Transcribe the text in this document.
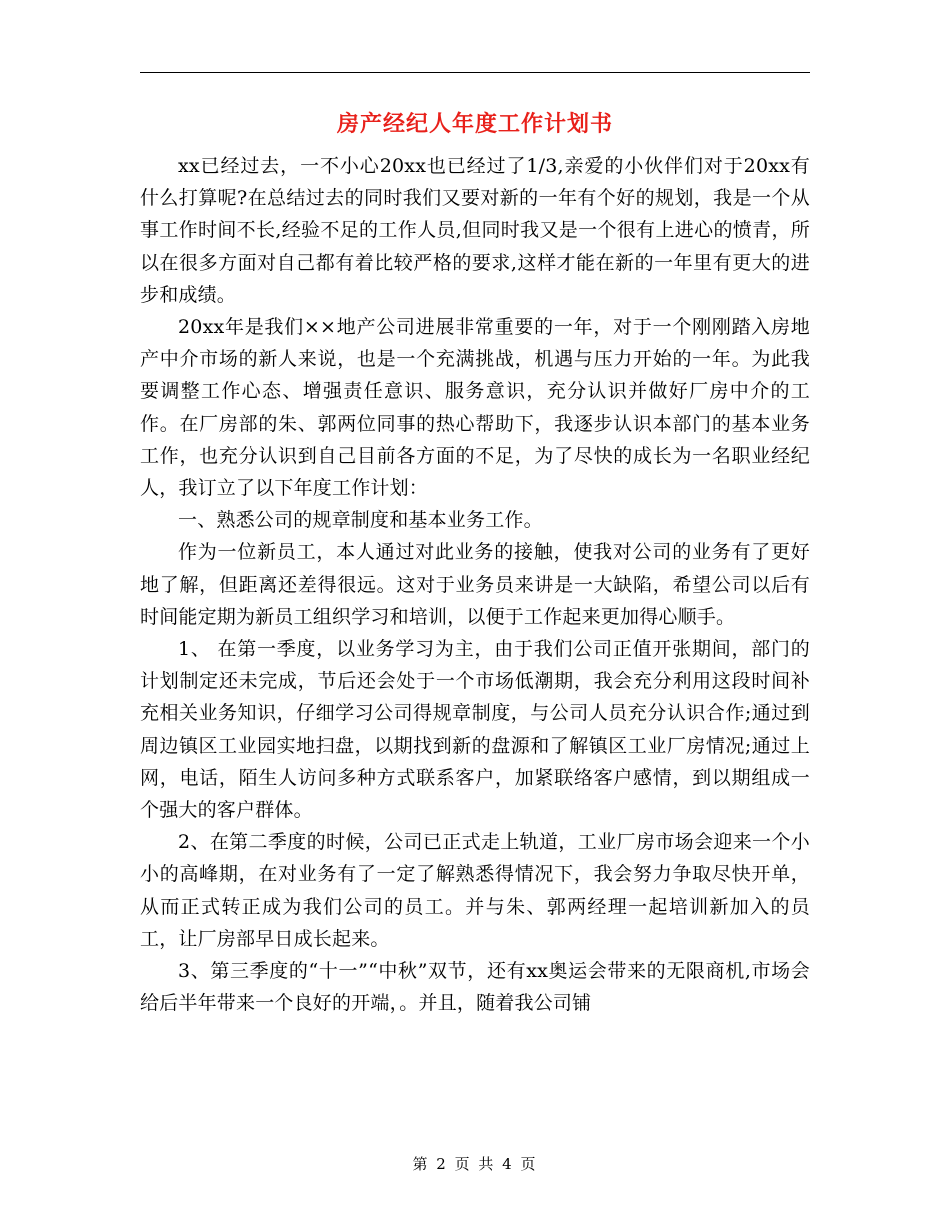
房产经纪人年度工作计划书

xx已经过去，一不小心20xx也已经过了1/3,亲爱的小伙伴们对于20xx有什么打算呢?在总结过去的同时我们又要对新的一年有个好的规划，我是一个从事工作时间不长,经验不足的工作人员,但同时我又是一个很有上进心的愤青，所以在很多方面对自己都有着比较严格的要求,这样才能在新的一年里有更大的进步和成绩。

20xx年是我们××地产公司进展非常重要的一年，对于一个刚刚踏入房地产中介市场的新人来说，也是一个充满挑战，机遇与压力开始的一年。为此我要调整工作心态、增强责任意识、服务意识，充分认识并做好厂房中介的工作。在厂房部的朱、郭两位同事的热心帮助下，我逐步认识本部门的基本业务工作，也充分认识到自己目前各方面的不足，为了尽快的成长为一名职业经纪人，我订立了以下年度工作计划：

一、熟悉公司的规章制度和基本业务工作。

作为一位新员工，本人通过对此业务的接触，使我对公司的业务有了更好地了解，但距离还差得很远。这对于业务员来讲是一大缺陷，希望公司以后有时间能定期为新员工组织学习和培训，以便于工作起来更加得心顺手。

1、 在第一季度，以业务学习为主，由于我们公司正值开张期间，部门的计划制定还未完成，节后还会处于一个市场低潮期，我会充分利用这段时间补充相关业务知识，仔细学习公司得规章制度，与公司人员充分认识合作;通过到周边镇区工业园实地扫盘，以期找到新的盘源和了解镇区工业厂房情况;通过上网，电话，陌生人访问多种方式联系客户，加紧联络客户感情，到以期组成一个强大的客户群体。

2、在第二季度的时候，公司已正式走上轨道，工业厂房市场会迎来一个小小的高峰期，在对业务有了一定了解熟悉得情况下，我会努力争取尽快开单，从而正式转正成为我们公司的员工。并与朱、郭两经理一起培训新加入的员工，让厂房部早日成长起来。

3、第三季度的“十一”“中秋”双节，还有xx奥运会带来的无限商机,市场会给后半年带来一个良好的开端，。并且，随着我公司铺

第 2 页 共 4 页
